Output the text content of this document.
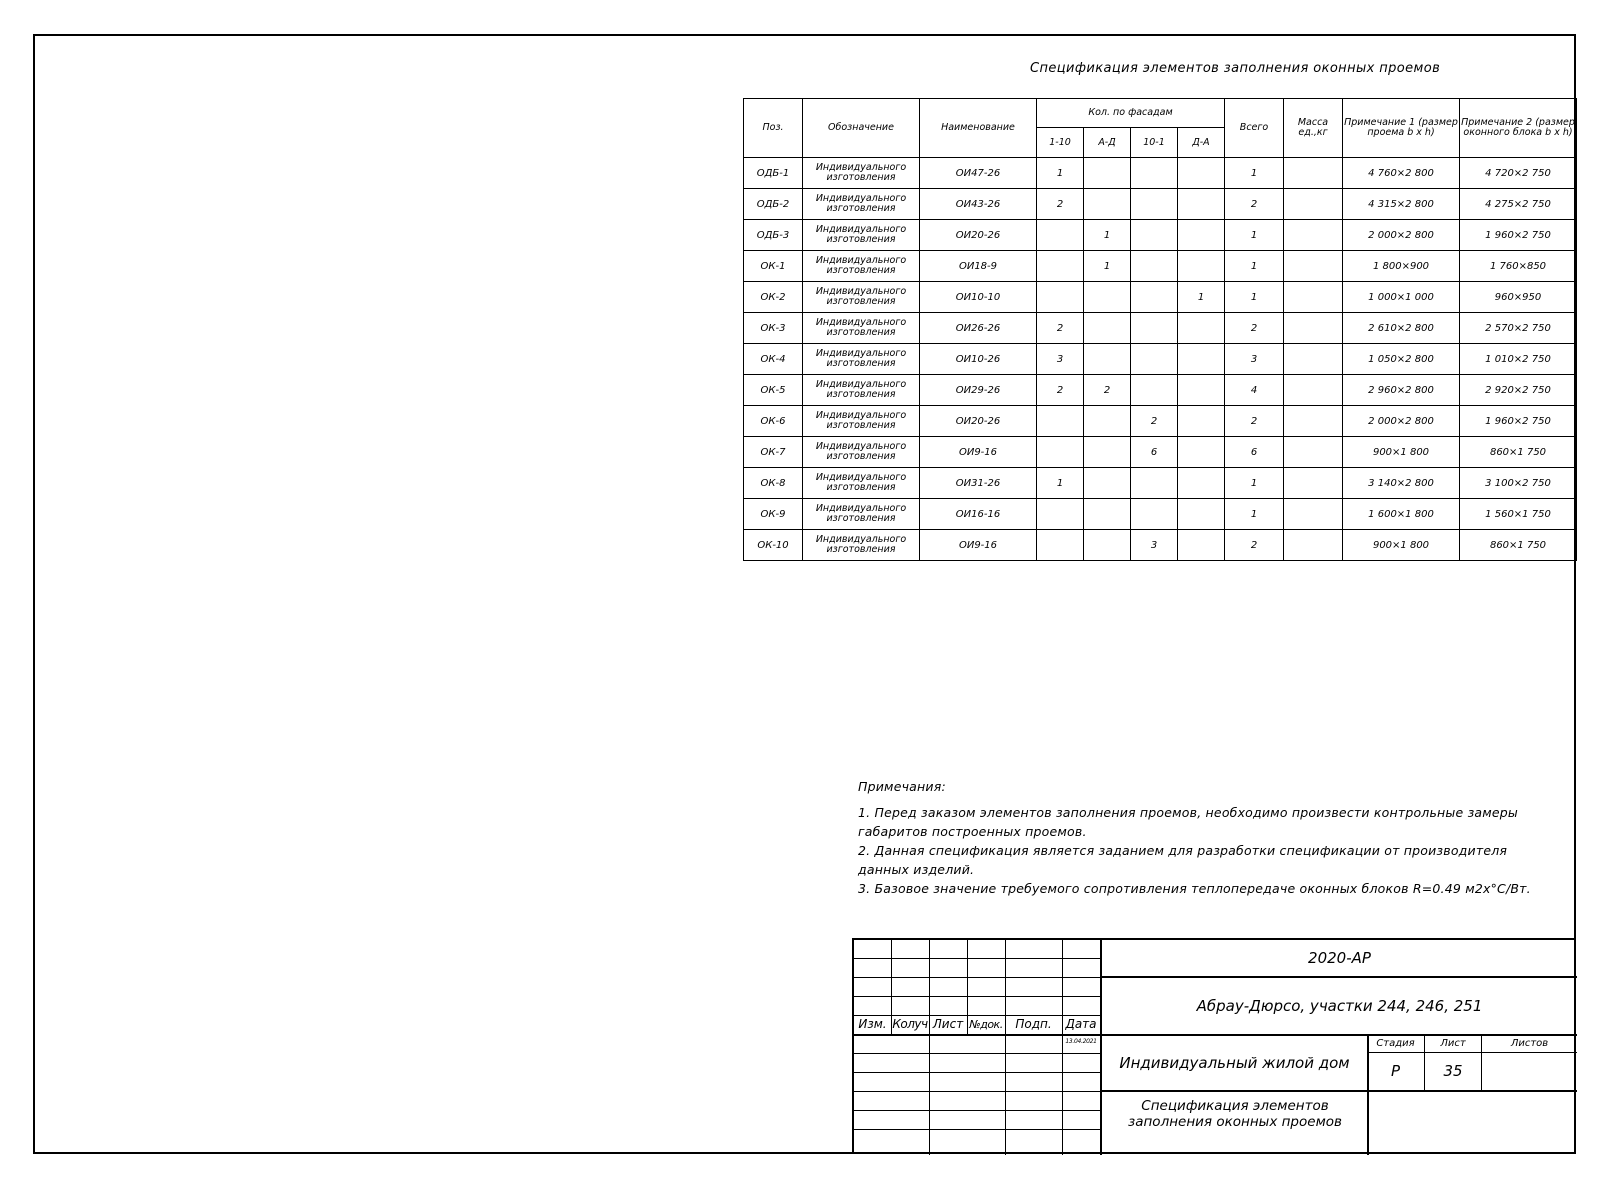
Спецификация элементов заполнения оконных проемов
Поз.	Обозначение	Наименование	Кол. по фасадам				Всего	Масса ед.,кг	Примечание 1 (размер проема b х h)	Примечание 2 (размер оконного блока b х h)
			1-10	А-Д	10-1	Д-А				
ОДБ-1	Индивидуального изготовления	ОИ47-26	1				1		4 760×2 800	4 720×2 750
ОДБ-2	Индивидуального изготовления	ОИ43-26	2				2		4 315×2 800	4 275×2 750
ОДБ-3	Индивидуального изготовления	ОИ20-26		1			1		2 000×2 800	1 960×2 750
ОК-1	Индивидуального изготовления	ОИ18-9		1			1		1 800×900	1 760×850
ОК-2	Индивидуального изготовления	ОИ10-10				1	1		1 000×1 000	960×950
ОК-3	Индивидуального изготовления	ОИ26-26	2				2		2 610×2 800	2 570×2 750
ОК-4	Индивидуального изготовления	ОИ10-26	3				3		1 050×2 800	1 010×2 750
ОК-5	Индивидуального изготовления	ОИ29-26	2	2			4		2 960×2 800	2 920×2 750
ОК-6	Индивидуального изготовления	ОИ20-26			2		2		2 000×2 800	1 960×2 750
ОК-7	Индивидуального изготовления	ОИ9-16			6		6		900×1 800	860×1 750
ОК-8	Индивидуального изготовления	ОИ31-26	1				1		3 140×2 800	3 100×2 750
ОК-9	Индивидуального изготовления	ОИ16-16					1		1 600×1 800	1 560×1 750
ОК-10	Индивидуального изготовления	ОИ9-16			3		2		900×1 800	860×1 750

Примечания:

1. Перед заказом элементов заполнения проемов, необходимо произвести контрольные замеры габаритов построенных проемов.

2. Данная спецификация является заданием для разработки спецификации от производителя данных изделий.

3. Базовое значение требуемого сопротивления теплопередаче оконных блоков R=0.49 м2х°С/Вт.

Изм. Колуч Лист №док.	Подп.	Дата
13.04.2021
2020-АР
Абрау-Дюрсо, участки 244, 246, 251
Индивидуальный жилой дом
Стадия	Лист	Листов
Р	35
Спецификация элементов заполнения оконных проемов
